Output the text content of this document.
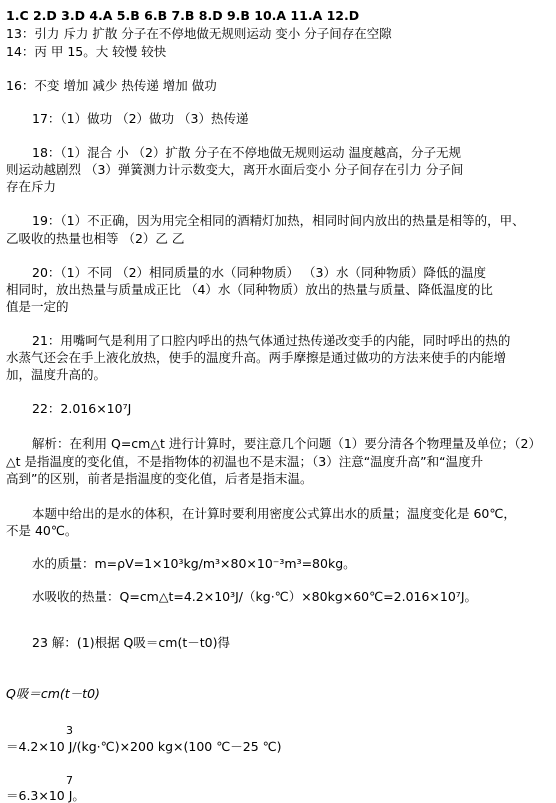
1.C 2.D 3.D 4.A 5.B 6.B 7.B 8.D 9.B 10.A 11.A 12.D
13：引力 斥力 扩散 分子在不停地做无规则运动 变小 分子间存在空隙
14：丙 甲 15。大 较慢 较快
16：不变 增加 减少 热传递 增加 做功
17：（1）做功 （2）做功 （3）热传递
18：（1）混合 小 （2）扩散 分子在不停地做无规则运动 温度越高，分子无规
则运动越剧烈 （3）弹簧测力计示数变大，离开水面后变小 分子间存在引力 分子间
存在斥力
19：（1）不正确，因为用完全相同的酒精灯加热，相同时间内放出的热量是相等的，甲、
乙吸收的热量也相等 （2）乙 乙
20：（1）不同 （2）相同质量的水（同种物质） （3）水（同种物质）降低的温度
相同时，放出热量与质量成正比 （4）水（同种物质）放出的热量与质量、降低温度的比
值是一定的
21：用嘴呵气是利用了口腔内呼出的热气体通过热传递改变手的内能，同时呼出的热的
水蒸气还会在手上液化放热，使手的温度升高。两手摩擦是通过做功的方法来使手的内能增
加，温度升高的。
22：2.016×10⁷J
解析：在利用 Q=cm△t 进行计算时，要注意几个问题（1）要分清各个物理量及单位；（2）
△t 是指温度的变化值，不是指物体的初温也不是末温；（3）注意“温度升高”和“温度升
高到”的区别，前者是指温度的变化值，后者是指末温。
本题中给出的是水的体积，在计算时要利用密度公式算出水的质量；温度变化是 60℃，
不是 40℃。
水的质量：m=ρV=1×10³kg/m³×80×10⁻³m³=80kg。
水吸收的热量：Q=cm△t=4.2×10³J/（kg·℃）×80kg×60℃=2.016×10⁷J。
23 解：(1)根据 Q吸＝cm(t－t0)得
Q吸＝cm(t－t0)
3
＝4.2×10 J/(kg·℃)×200 kg×(100 ℃－25 ℃)
7
＝6.3×10 J。
